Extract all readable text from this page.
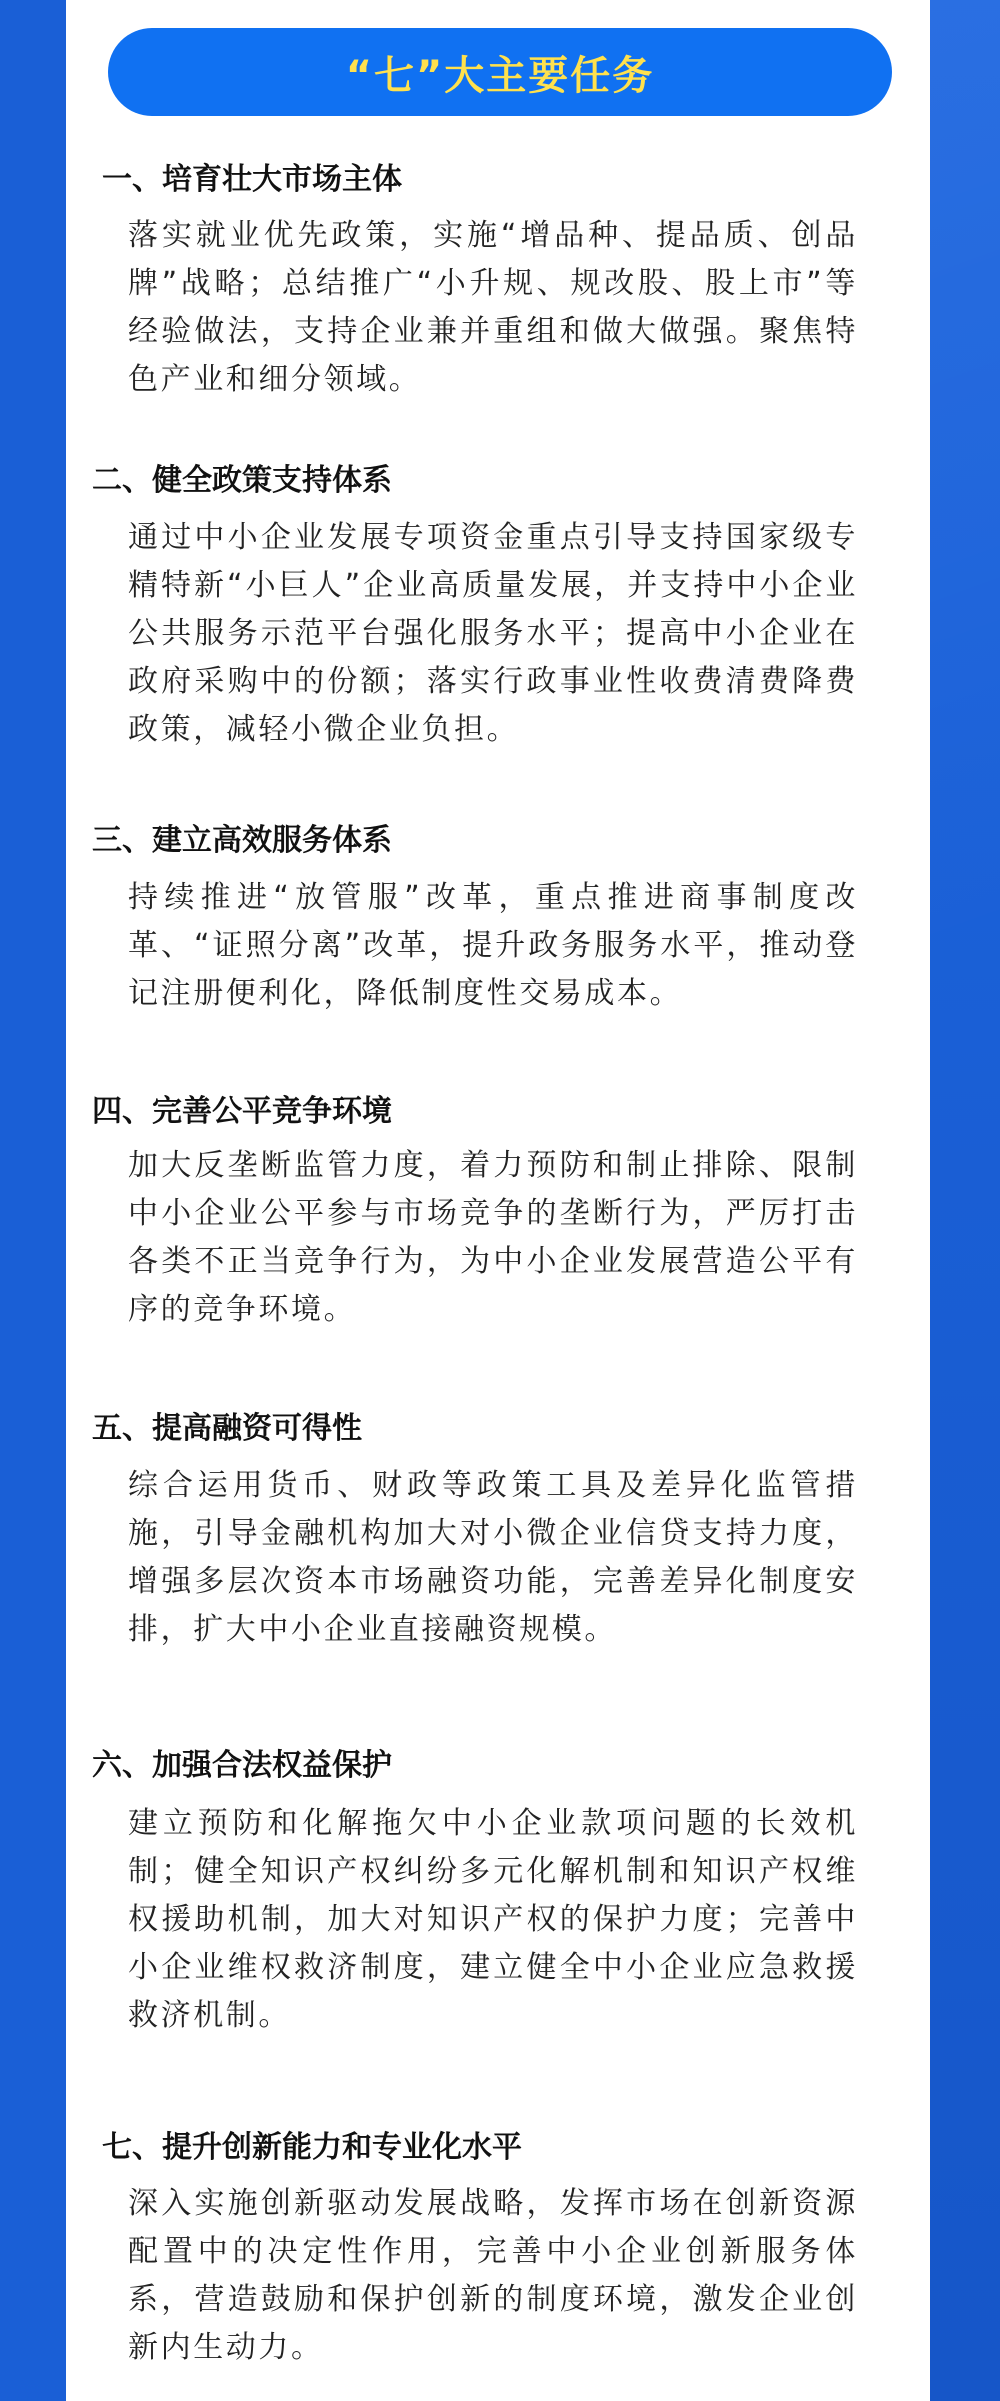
“七”大主要任务
一、培育壮大市场主体

落实就业优先政策，实施“增品种、提品质、创品牌”战略；总结推广“小升规、规改股、股上市”等经验做法，支持企业兼并重组和做大做强。聚焦特色产业和细分领域。

二、健全政策支持体系

通过中小企业发展专项资金重点引导支持国家级专精特新“小巨人”企业高质量发展，并支持中小企业公共服务示范平台强化服务水平；提高中小企业在政府采购中的份额；落实行政事业性收费清费降费政策，减轻小微企业负担。

三、建立高效服务体系

持续推进“放管服”改革，重点推进商事制度改革、“证照分离”改革，提升政务服务水平，推动登记注册便利化，降低制度性交易成本。

四、完善公平竞争环境

加大反垄断监管力度，着力预防和制止排除、限制中小企业公平参与市场竞争的垄断行为，严厉打击各类不正当竞争行为，为中小企业发展营造公平有序的竞争环境。

五、提高融资可得性

综合运用货币、财政等政策工具及差异化监管措施，引导金融机构加大对小微企业信贷支持力度，增强多层次资本市场融资功能，完善差异化制度安排，扩大中小企业直接融资规模。

六、加强合法权益保护

建立预防和化解拖欠中小企业款项问题的长效机制；健全知识产权纠纷多元化解机制和知识产权维权援助机制，加大对知识产权的保护力度；完善中小企业维权救济制度，建立健全中小企业应急救援救济机制。

七、提升创新能力和专业化水平

深入实施创新驱动发展战略，发挥市场在创新资源配置中的决定性作用，完善中小企业创新服务体系，营造鼓励和保护创新的制度环境，激发企业创新内生动力。
